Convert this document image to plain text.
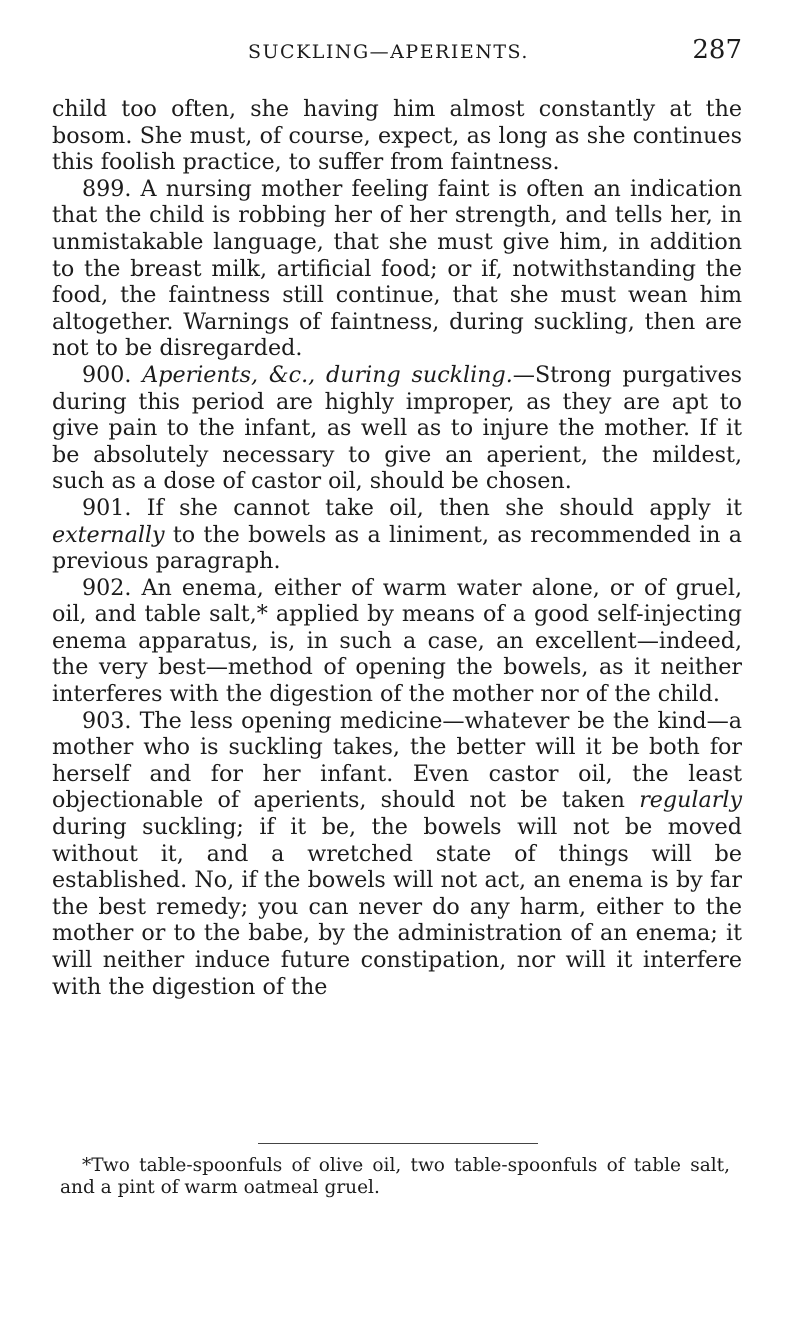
SUCKLING—APERIENTS.	287

child too often, she having him almost constantly at the bosom. She must, of course, expect, as long as she continues this foolish practice, to suffer from faintness.

899. A nursing mother feeling faint is often an indication that the child is robbing her of her strength, and tells her, in unmistakable language, that she must give him, in addition to the breast milk, artificial food; or if, notwithstanding the food, the faintness still continue, that she must wean him altogether. Warnings of faintness, during suckling, then are not to be disregarded.

900. Aperients, &c., during suckling.—Strong purgatives during this period are highly improper, as they are apt to give pain to the infant, as well as to injure the mother. If it be absolutely necessary to give an aperient, the mildest, such as a dose of castor oil, should be chosen.

901. If she cannot take oil, then she should apply it externally to the bowels as a liniment, as recommended in a previous paragraph.

902. An enema, either of warm water alone, or of gruel, oil, and table salt,* applied by means of a good self-injecting enema apparatus, is, in such a case, an excellent—indeed, the very best—method of opening the bowels, as it neither interferes with the digestion of the mother nor of the child.

903. The less opening medicine—whatever be the kind—a mother who is suckling takes, the better will it be both for herself and for her infant. Even castor oil, the least objectionable of aperients, should not be taken regularly during suckling; if it be, the bowels will not be moved without it, and a wretched state of things will be established. No, if the bowels will not act, an enema is by far the best remedy; you can never do any harm, either to the mother or to the babe, by the administration of an enema; it will neither induce future constipation, nor will it interfere with the digestion of the

*Two table-spoonfuls of olive oil, two table-spoonfuls of table salt, and a pint of warm oatmeal gruel.
